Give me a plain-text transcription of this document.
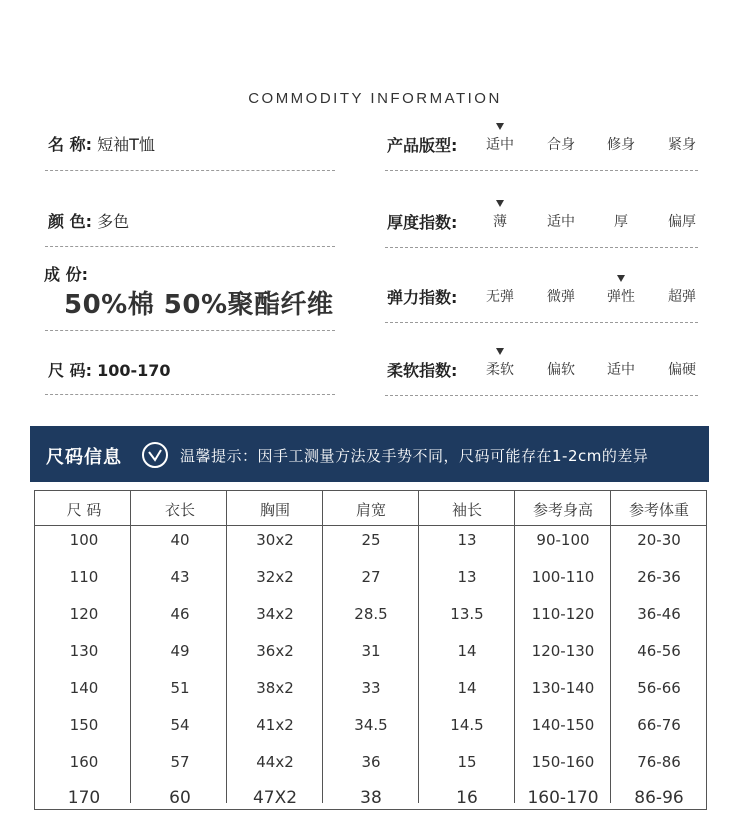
COMMODITY INFORMATION
名 称: 短袖T恤
颜 色: 多色
成 份:
50%棉 50%聚酯纤维
尺 码: 100-170
产品版型:	适中	合身	修身	紧身
厚度指数:	薄	适中	厚	偏厚
弹力指数:	无弹	微弹	弹性	超弹
柔软指数:	柔软	偏软	适中	偏硬
尺码信息	温馨提示：因手工测量方法及手势不同，尺码可能存在1-2cm的差异
尺 码	衣长	胸围	肩宽	袖长	参考身高	参考体重
100	40	30x2	25	13	90-100	20-30
110	43	32x2	27	13	100-110	26-36
120	46	34x2	28.5	13.5	110-120	36-46
130	49	36x2	31	14	120-130	46-56
140	51	38x2	33	14	130-140	56-66
150	54	41x2	34.5	14.5	140-150	66-76
160	57	44x2	36	15	150-160	76-86
170	60	47X2	38	16	160-170	86-96
